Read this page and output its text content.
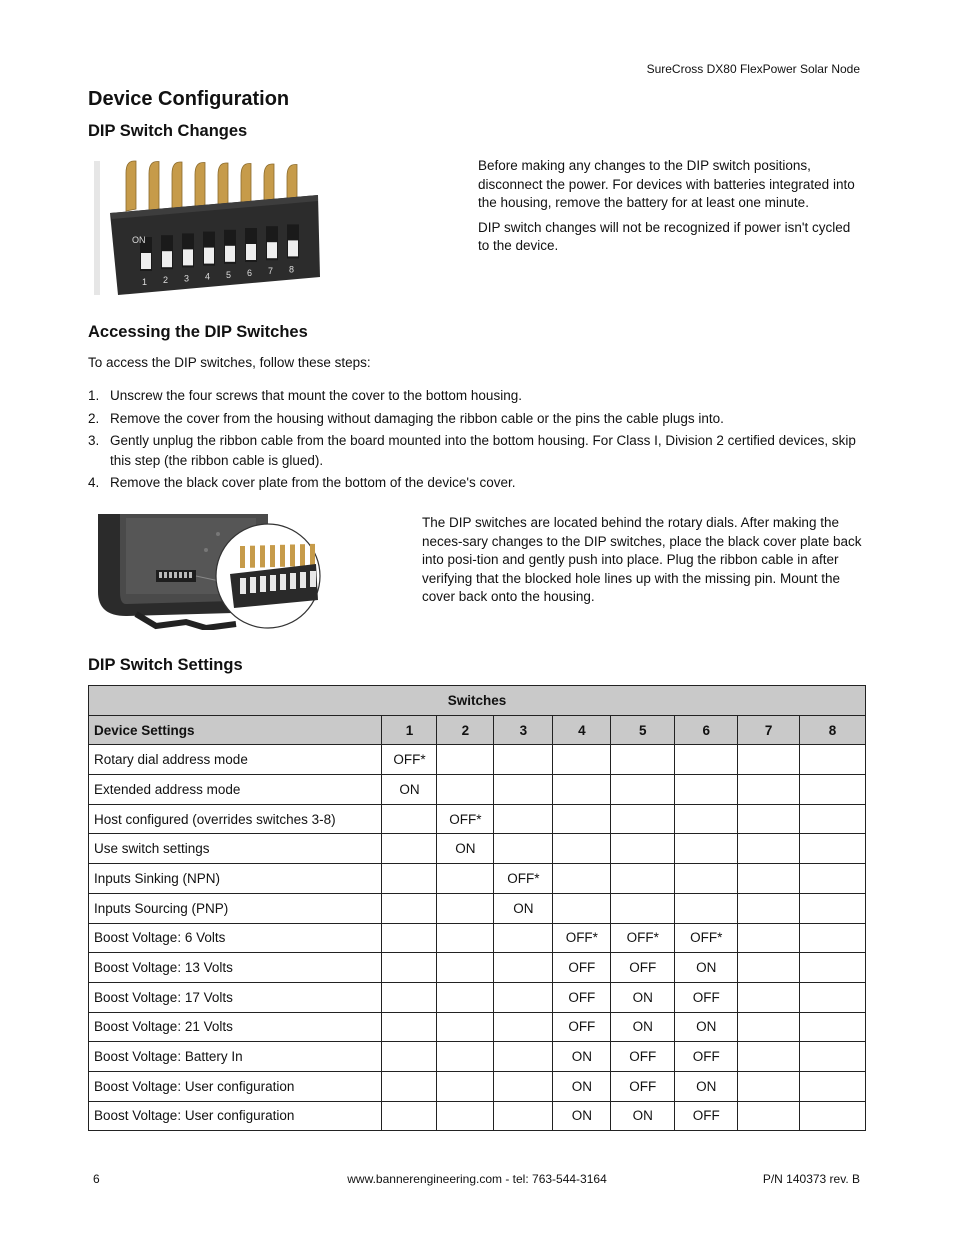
SureCross DX80 FlexPower Solar Node
Device Configuration
DIP Switch Changes
ON
1 2 3 4 5 6 7 8

Before making any changes to the DIP switch positions, disconnect the power. For devices with batteries integrated into the housing, remove the battery for at least one minute.

DIP switch changes will not be recognized if power isn't cycled to the device.

Accessing the DIP Switches
To access the DIP switches, follow these steps:
1. Unscrew the four screws that mount the cover to the bottom housing.
2. Remove the cover from the housing without damaging the ribbon cable or the pins the cable plugs into.
3. Gently unplug the ribbon cable from the board mounted into the bottom housing. For Class I, Division 2 certified devices, skip this step (the ribbon cable is glued).
4. Remove the black cover plate from the bottom of the device's cover.
The DIP switches are located behind the rotary dials. After making the neces-sary changes to the DIP switches, place the black cover plate back into posi-tion and gently push into place. Plug the ribbon cable in after verifying that the blocked hole lines up with the missing pin. Mount the cover back onto the housing.
DIP Switch Settings
Switches								
Device Settings	1	2	3	4	5	6	7	8
Rotary dial address mode	OFF*							
Extended address mode	ON							
Host configured (overrides switches 3-8)		OFF*						
Use switch settings		ON						
Inputs Sinking (NPN)			OFF*					
Inputs Sourcing (PNP)			ON					
Boost Voltage: 6 Volts				OFF*	OFF*	OFF*		
Boost Voltage: 13 Volts				OFF	OFF	ON		
Boost Voltage: 17 Volts				OFF	ON	OFF		
Boost Voltage: 21 Volts				OFF	ON	ON		
Boost Voltage: Battery In				ON	OFF	OFF		
Boost Voltage: User configuration				ON	OFF	ON		
Boost Voltage: User configuration				ON	ON	OFF		
6	www.bannerengineering.com - tel: 763-544-3164	P/N 140373 rev. B
